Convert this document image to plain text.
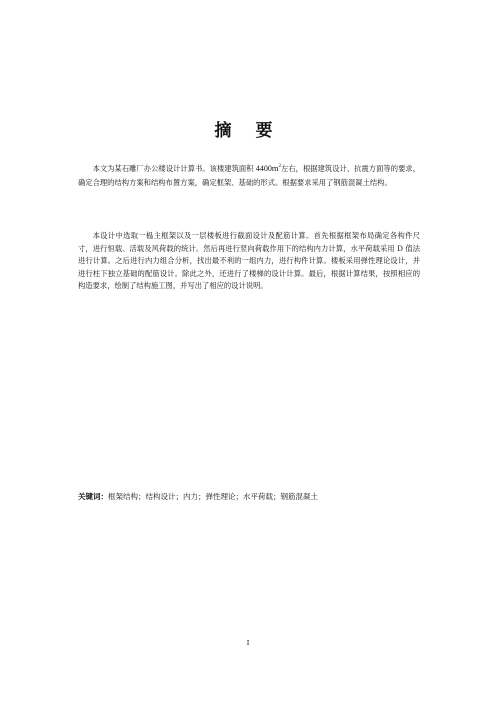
摘 要

本文为某石雕厂办公楼设计计算书。该楼建筑面积 $4400m^2$左右，根据建筑设计、抗震方面等的要求，确定合理的结构方案和结构布置方案，确定框架、基础的形式。根据要求采用了钢筋混凝土结构。

本设计中选取一榀主框架以及一层楼板进行截面设计及配筋计算。首先根据框架布局确定各构件尺寸，进行恒载、活载及风荷载的统计。然后再进行竖向荷载作用下的结构内力计算，水平荷载采用 D 值法进行计算。之后进行内力组合分析，找出最不利的一组内力，进行构件计算。楼板采用弹性理论设计，并进行柱下独立基础的配筋设计。除此之外，还进行了楼梯的设计计算。最后，根据计算结果，按照相应的构造要求，绘制了结构施工图，并写出了相应的设计说明。

关键词：框架结构；结构设计；内力；弹性理论；水平荷载；钢筋混凝土
I
